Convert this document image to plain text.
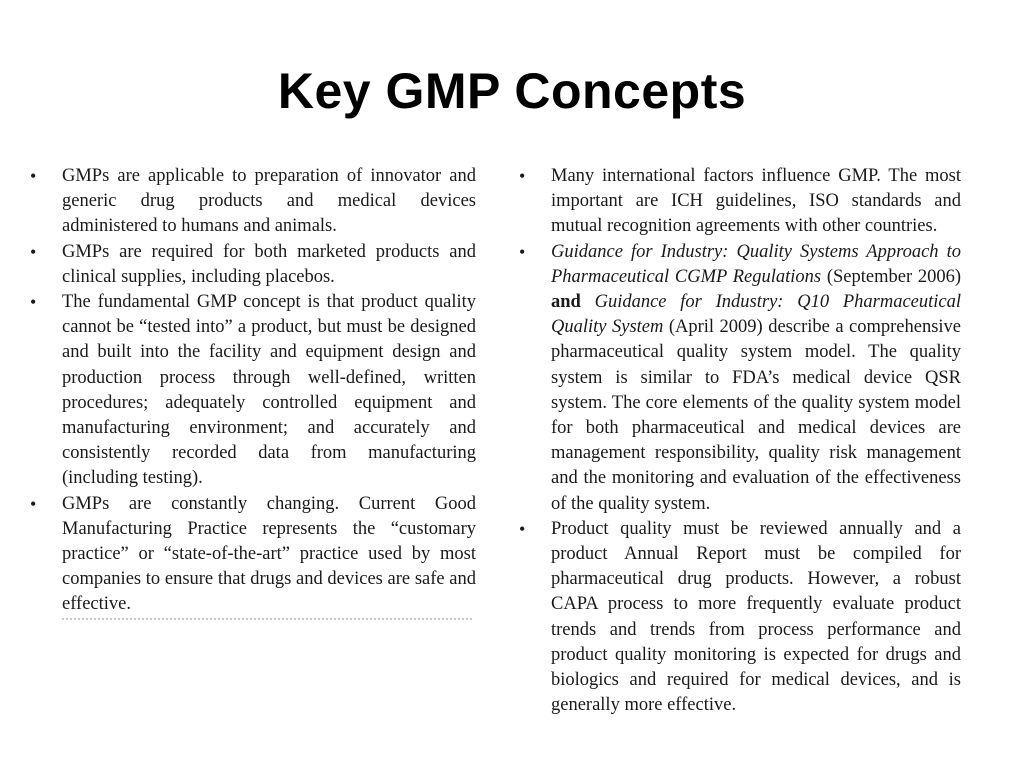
Key GMP Concepts
• GMPs are applicable to preparation of innovator and generic drug products and medical devices administered to humans and animals.
• GMPs are required for both marketed products and clinical supplies, including placebos.
• The fundamental GMP concept is that product quality cannot be “tested into” a product, but must be designed and built into the facility and equipment design and production process through well-defined, written procedures; adequately controlled equipment and manufacturing environment; and accurately and consistently recorded data from manufacturing (including testing).
• GMPs are constantly changing. Current Good Manufacturing Practice represents the “customary practice” or “state-of-the-art” practice used by most companies to ensure that drugs and devices are safe and effective.
• Many international factors influence GMP. The most important are ICH guidelines, ISO standards and mutual recognition agreements with other countries.
• Guidance for Industry: Quality Systems Approach to Pharmaceutical CGMP Regulations (September 2006) and Guidance for Industry: Q10 Pharmaceutical Quality System (April 2009) describe a comprehensive pharmaceutical quality system model. The quality system is similar to FDA’s medical device QSR system. The core elements of the quality system model for both pharmaceutical and medical devices are management responsibility, quality risk management and the monitoring and evaluation of the effectiveness of the quality system.
• Product quality must be reviewed annually and a product Annual Report must be compiled for pharmaceutical drug products. However, a robust CAPA process to more frequently evaluate product trends and trends from process performance and product quality monitoring is expected for drugs and biologics and required for medical devices, and is generally more effective.
